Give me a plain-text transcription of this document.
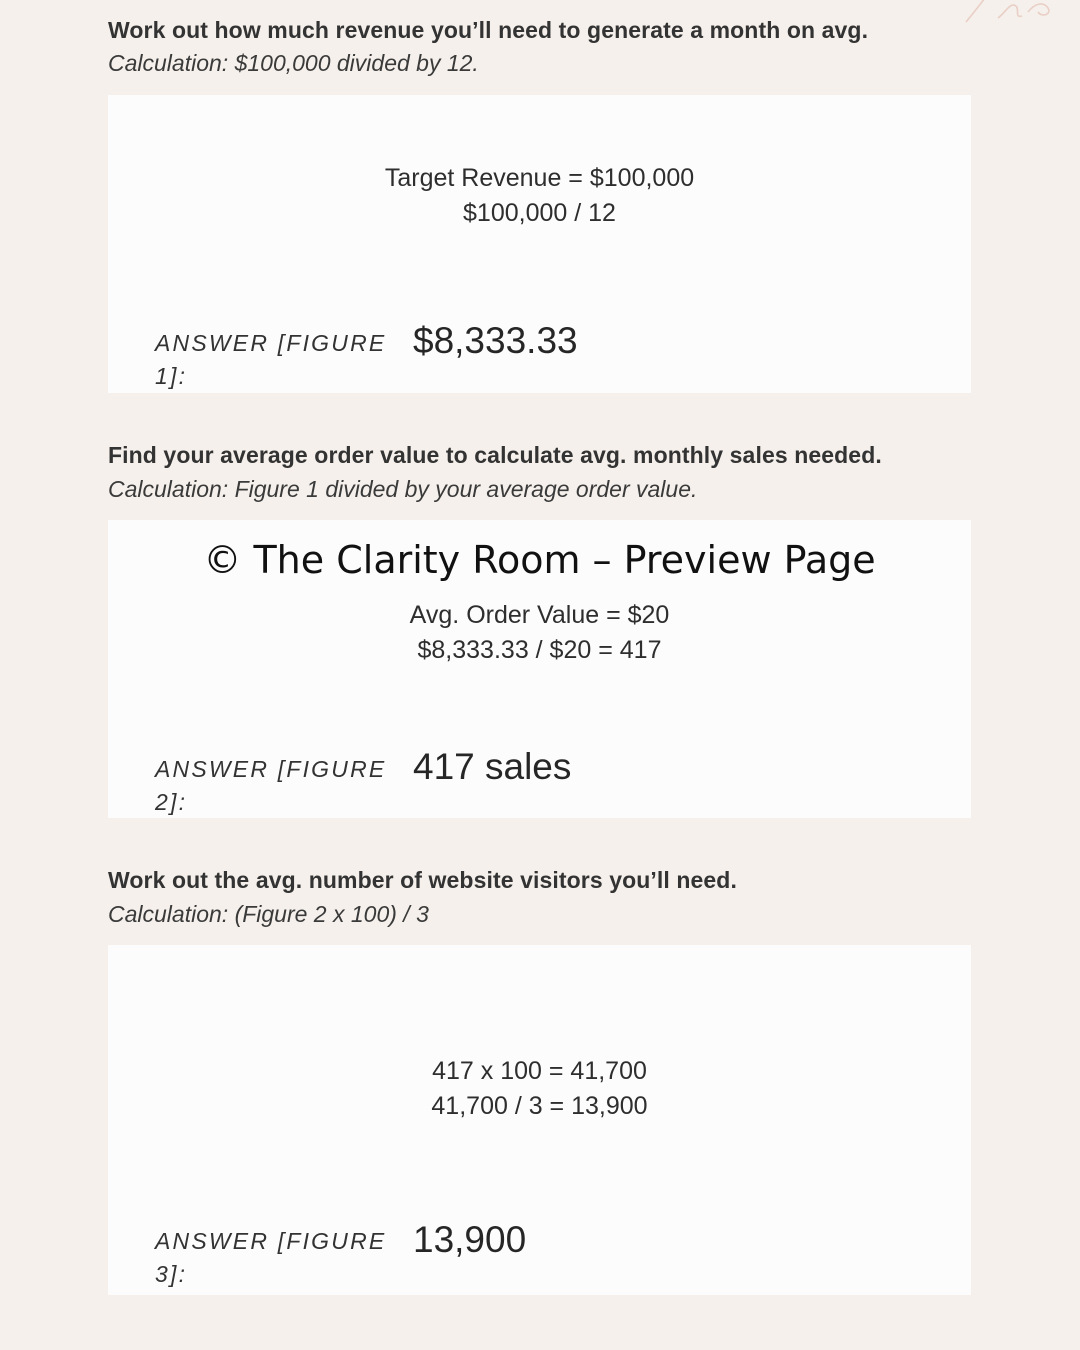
Work out how much revenue you’ll need to generate a month on avg.

Calculation: $100,000 divided by 12.

Target Revenue = $100,000
$100,000 / 12
ANSWER [FIGURE 1]:
$8,333.33
Find your average order value to calculate avg. monthly sales needed.

Calculation: Figure 1 divided by your average order value.

© The Clarity Room – Preview Page
Avg. Order Value = $20
$8,333.33 / $20 = 417
ANSWER [FIGURE 2]:
417 sales
Work out the avg. number of website visitors you’ll need.

Calculation: (Figure 2 x 100) / 3

417 x 100 = 41,700
41,700 / 3 = 13,900
ANSWER [FIGURE 3]:
13,900
